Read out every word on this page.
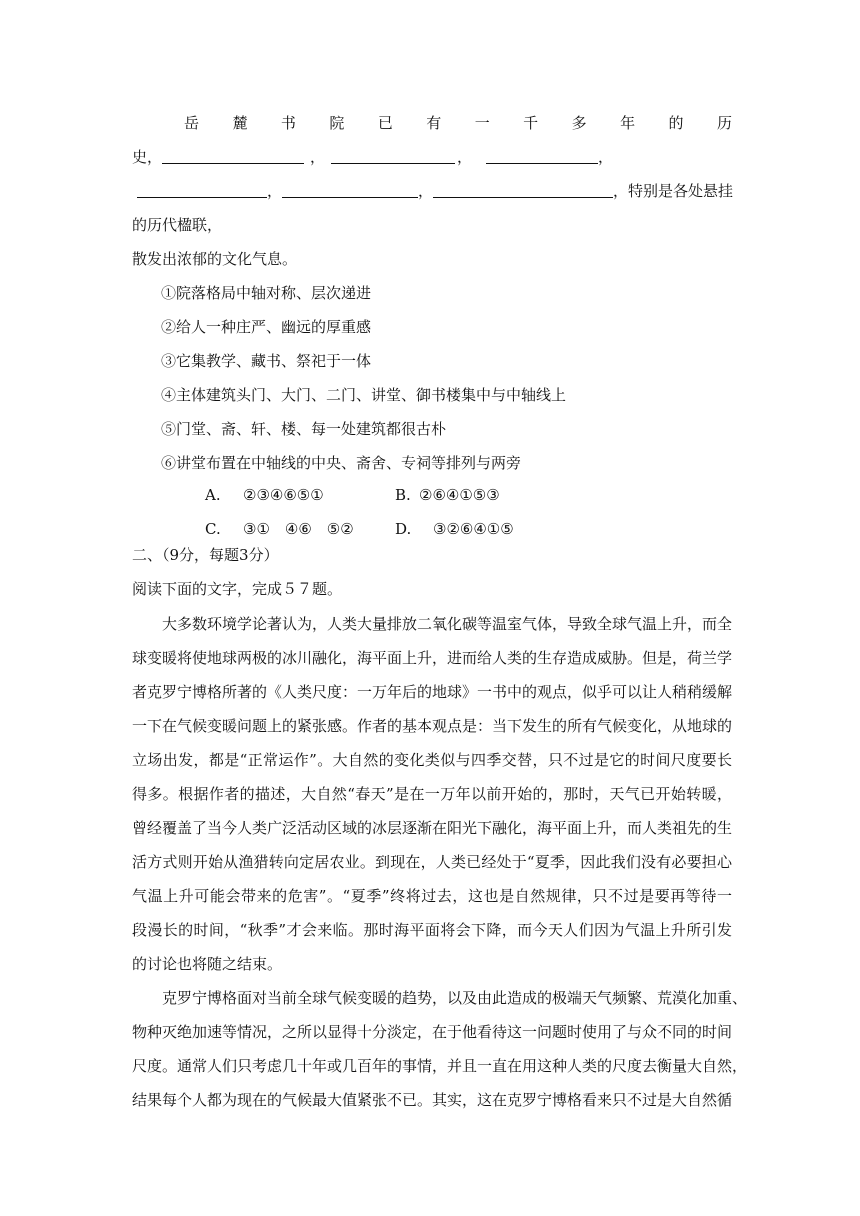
岳 麓 书 院 已 有 一 千 多 年 的 历
史，	，	，	，
，	，	，特别是各处悬挂
的历代楹联，
散发出浓郁的文化气息。
①院落格局中轴对称、层次递进
②给人一种庄严、幽远的厚重感
③它集教学、藏书、祭祀于一体
④主体建筑头门、大门、二门、讲堂、御书楼集中与中轴线上
⑤门堂、斋、轩、楼、每一处建筑都很古朴
⑥讲堂布置在中轴线的中央、斋舍、专祠等排列与两旁
A. ②③④⑥⑤①	B. ②⑥④①⑤③
C. ③①　④⑥　⑤②	D. ③②⑥④①⑤
二、（9分，每题3分）
阅读下面的文字，完成５７题。
大多数环境学论著认为，人类大量排放二氧化碳等温室气体，导致全球气温上升，而全
球变暖将使地球两极的冰川融化，海平面上升，进而给人类的生存造成威胁。但是，荷兰学
者克罗宁博格所著的《人类尺度：一万年后的地球》一书中的观点，似乎可以让人稍稍缓解
一下在气候变暖问题上的紧张感。作者的基本观点是：当下发生的所有气候变化，从地球的
立场出发，都是“正常运作”。大自然的变化类似与四季交替，只不过是它的时间尺度要长
得多。根据作者的描述，大自然“春天”是在一万年以前开始的，那时，天气已开始转暖，
曾经覆盖了当今人类广泛活动区域的冰层逐渐在阳光下融化，海平面上升，而人类祖先的生
活方式则开始从渔猎转向定居农业。到现在，人类已经处于“夏季，因此我们没有必要担心
气温上升可能会带来的危害”。“夏季”终将过去，这也是自然规律，只不过是要再等待一
段漫长的时间，“秋季”才会来临。那时海平面将会下降，而今天人们因为气温上升所引发
的讨论也将随之结束。
克罗宁博格面对当前全球气候变暖的趋势，以及由此造成的极端天气频繁、荒漠化加重、
物种灭绝加速等情况，之所以显得十分淡定，在于他看待这一问题时使用了与众不同的时间
尺度。通常人们只考虑几十年或几百年的事情，并且一直在用这种人类的尺度去衡量大自然，
结果每个人都为现在的气候最大值紧张不已。其实，这在克罗宁博格看来只不过是大自然循
